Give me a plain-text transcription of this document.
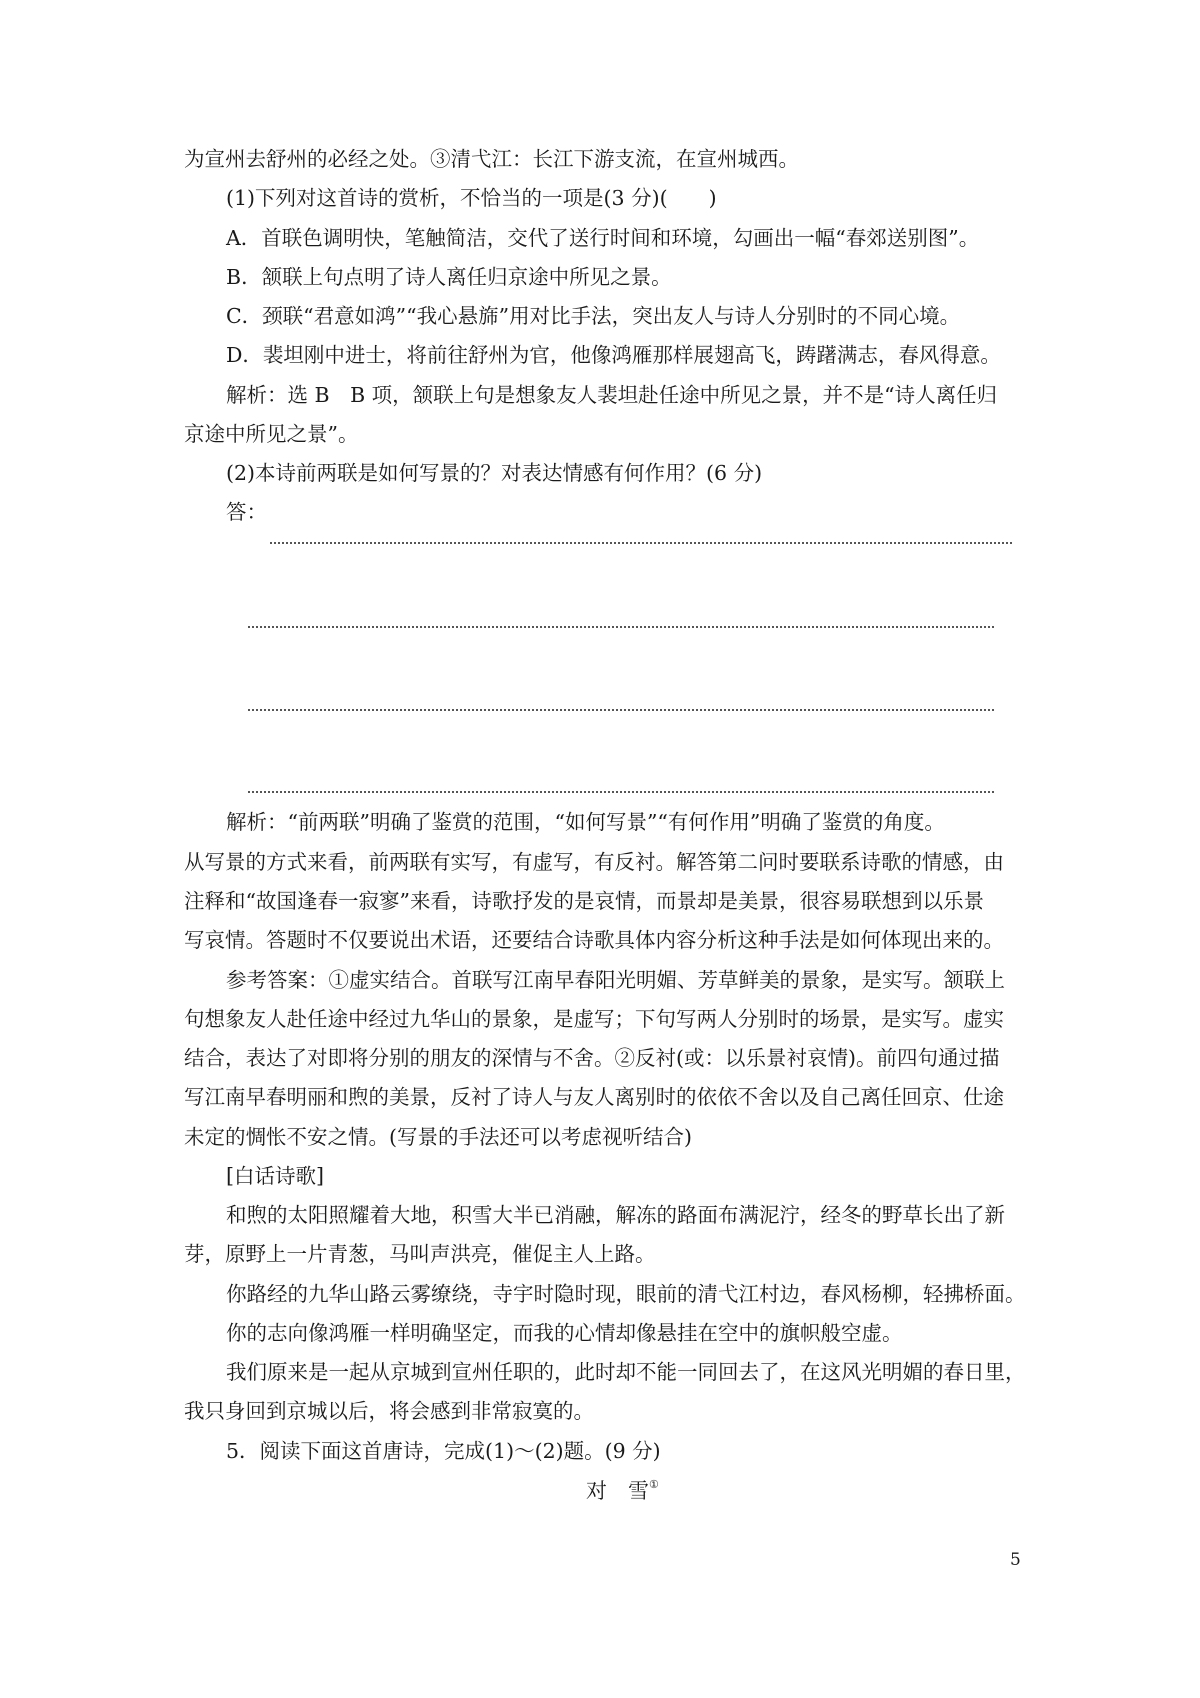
为宣州去舒州的必经之处。③清弋江：长江下游支流，在宣州城西。
(1)下列对这首诗的赏析，不恰当的一项是(3 分)(　　)
A．首联色调明快，笔触简洁，交代了送行时间和环境，勾画出一幅“春郊送别图”。
B．颔联上句点明了诗人离任归京途中所见之景。
C．颈联“君意如鸿”“我心悬旆”用对比手法，突出友人与诗人分别时的不同心境。
D．裴坦刚中进士，将前往舒州为官，他像鸿雁那样展翅高飞，踌躇满志，春风得意。
解析：选 B　B 项，颔联上句是想象友人裴坦赴任途中所见之景，并不是“诗人离任归
京途中所见之景”。
(2)本诗前两联是如何写景的？对表达情感有何作用？(6 分)
答：
解析：“前两联”明确了鉴赏的范围，“如何写景”“有何作用”明确了鉴赏的角度。
从写景的方式来看，前两联有实写，有虚写，有反衬。解答第二问时要联系诗歌的情感，由
注释和“故国逢春一寂寥”来看，诗歌抒发的是哀情，而景却是美景，很容易联想到以乐景
写哀情。答题时不仅要说出术语，还要结合诗歌具体内容分析这种手法是如何体现出来的。
参考答案：①虚实结合。首联写江南早春阳光明媚、芳草鲜美的景象，是实写。颔联上
句想象友人赴任途中经过九华山的景象，是虚写；下句写两人分别时的场景，是实写。虚实
结合，表达了对即将分别的朋友的深情与不舍。②反衬(或：以乐景衬哀情)。前四句通过描
写江南早春明丽和煦的美景，反衬了诗人与友人离别时的依依不舍以及自己离任回京、仕途
未定的惆怅不安之情。(写景的手法还可以考虑视听结合)
[白话诗歌]
和煦的太阳照耀着大地，积雪大半已消融，解冻的路面布满泥泞，经冬的野草长出了新
芽，原野上一片青葱，马叫声洪亮，催促主人上路。
你路经的九华山路云雾缭绕，寺宇时隐时现，眼前的清弋江村边，春风杨柳，轻拂桥面。
你的志向像鸿雁一样明确坚定，而我的心情却像悬挂在空中的旗帜般空虚。
我们原来是一起从京城到宣州任职的，此时却不能一同回去了，在这风光明媚的春日里，
我只身回到京城以后，将会感到非常寂寞的。
5．阅读下面这首唐诗，完成(1)～(2)题。(9 分)
对　雪①
5
